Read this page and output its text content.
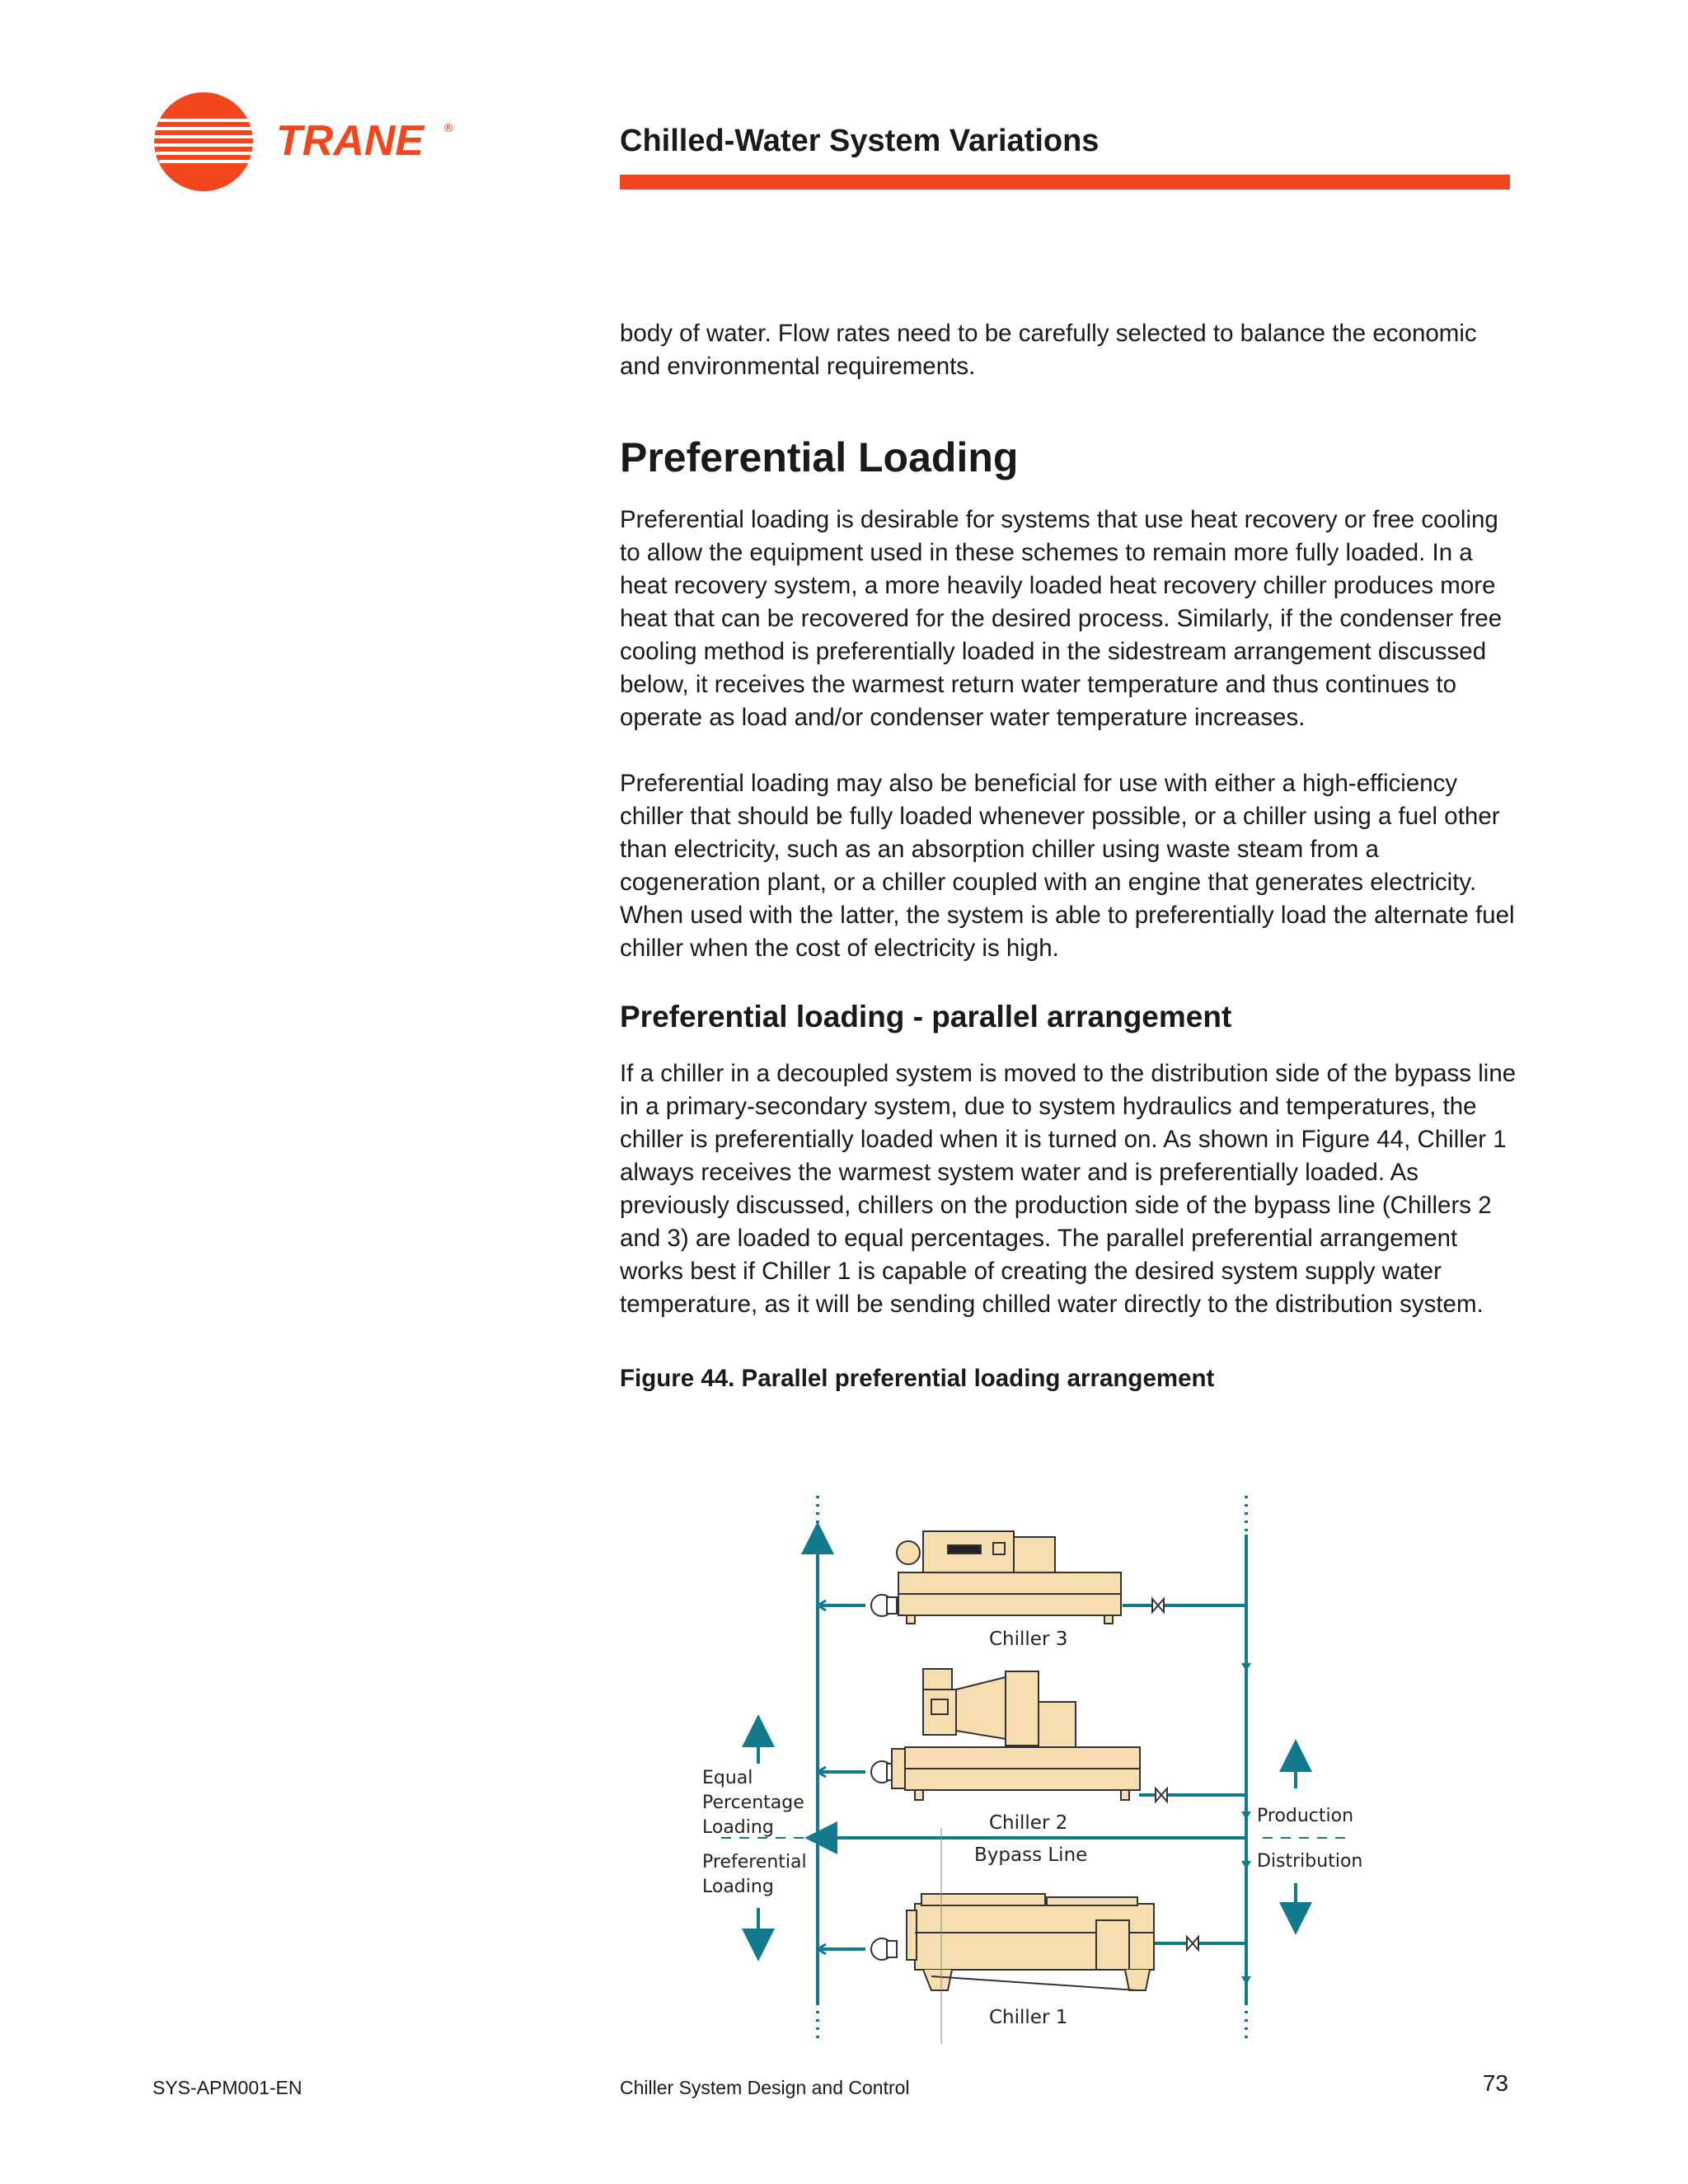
TRANE ®	Chilled-Water System Variations

body of water. Flow rates need to be carefully selected to balance the economic and environmental requirements.

Preferential Loading

Preferential loading is desirable for systems that use heat recovery or free cooling to allow the equipment used in these schemes to remain more fully loaded. In a heat recovery system, a more heavily loaded heat recovery chiller produces more heat that can be recovered for the desired process. Similarly, if the condenser free cooling method is preferentially loaded in the sidestream arrangement discussed below, it receives the warmest return water temperature and thus continues to operate as load and/or condenser water temperature increases.

Preferential loading may also be beneficial for use with either a high-efficiency chiller that should be fully loaded whenever possible, or a chiller using a fuel other than electricity, such as an absorption chiller using waste steam from a cogeneration plant, or a chiller coupled with an engine that generates electricity. When used with the latter, the system is able to preferentially load the alternate fuel chiller when the cost of electricity is high.

Preferential loading - parallel arrangement

If a chiller in a decoupled system is moved to the distribution side of the bypass line in a primary-secondary system, due to system hydraulics and temperatures, the chiller is preferentially loaded when it is turned on. As shown in Figure 44, Chiller 1 always receives the warmest system water and is preferentially loaded. As previously discussed, chillers on the production side of the bypass line (Chillers 2 and 3) are loaded to equal percentages. The parallel preferential arrangement works best if Chiller 1 is capable of creating the desired system supply water temperature, as it will be sending chilled water directly to the distribution system.

Figure 44. Parallel preferential loading arrangement

Chiller 3
Chiller 2
Bypass Line
Chiller 1
Equal
Percentage
Loading
Preferential
Loading
Production
Distribution
SYS-APM001-EN	Chiller System Design and Control	73
